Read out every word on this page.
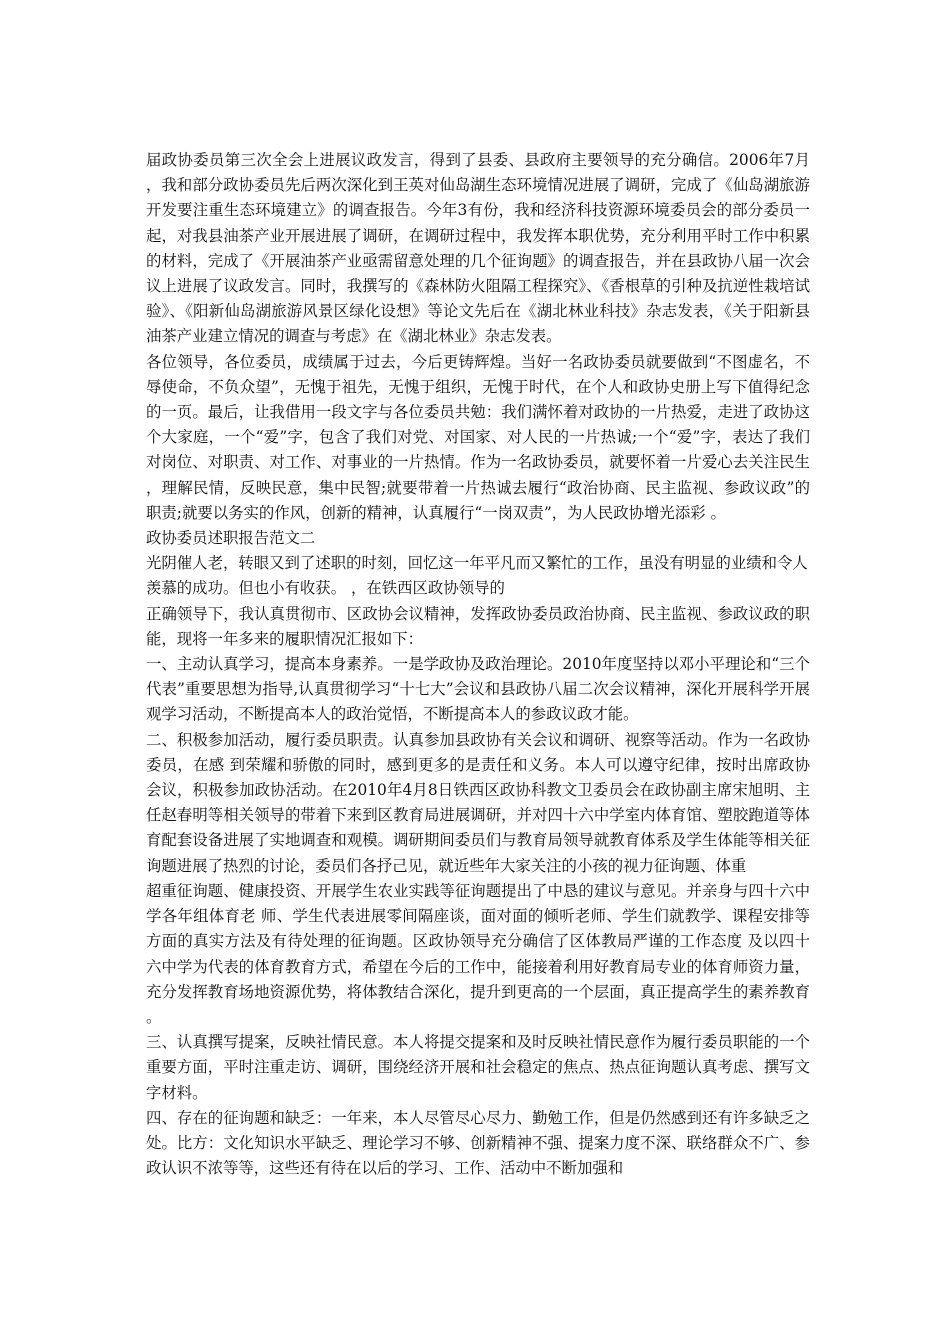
届政协委员第三次全会上进展议政发言，得到了县委、县政府主要领导的充分确信。2006年7月，我和部分政协委员先后两次深化到王英对仙岛湖生态环境情况进展了调研，完成了《仙岛湖旅游开发要注重生态环境建立》的调查报告。今年3有份，我和经济科技资源环境委员会的部分委员一起，对我县油茶产业开展进展了调研，在调研过程中，我发挥本职优势，充分利用平时工作中积累的材料，完成了《开展油茶产业亟需留意处理的几个征询题》的调查报告，并在县政协八届一次会议上进展了议政发言。同时，我撰写的《森林防火阻隔工程探究》、《香根草的引种及抗逆性栽培试验》、《阳新仙岛湖旅游风景区绿化设想》等论文先后在《湖北林业科技》杂志发表，《关于阳新县油茶产业建立情况的调查与考虑》在《湖北林业》杂志发表。

各位领导，各位委员，成绩属于过去，今后更铸辉煌。当好一名政协委员就要做到“不图虚名，不辱使命，不负众望”，无愧于祖先，无愧于组织，无愧于时代，在个人和政协史册上写下值得纪念的一页。最后，让我借用一段文字与各位委员共勉：我们满怀着对政协的一片热爱，走进了政协这个大家庭，一个“爱”字，包含了我们对党、对国家、对人民的一片热诚;一个“爱”字，表达了我们对岗位、对职责、对工作、对事业的一片热情。作为一名政协委员，就要怀着一片爱心去关注民生，理解民情，反映民意，集中民智;就要带着一片热诚去履行“政治协商、民主监视、参政议政”的职责;就要以务实的作风，创新的精神，认真履行“一岗双责”，为人民政协增光添彩 。

政协委员述职报告范文二

光阴催人老，转眼又到了述职的时刻，回忆这一年平凡而又繁忙的工作，虽没有明显的业绩和令人羡慕的成功。但也小有收获。 ，在铁西区政协领导的

正确领导下，我认真贯彻市、区政协会议精神，发挥政协委员政治协商、民主监视、参政议政的职能，现将一年多来的履职情况汇报如下：

一、主动认真学习，提高本身素养。一是学政协及政治理论。2010年度坚持以邓小平理论和“三个代表”重要思想为指导,认真贯彻学习“十七大”会议和县政协八届二次会议精神，深化开展科学开展观学习活动，不断提高本人的政治觉悟，不断提高本人的参政议政才能。

二、积极参加活动，履行委员职责。认真参加县政协有关会议和调研、视察等活动。作为一名政协委员，在感 到荣耀和骄傲的同时，感到更多的是责任和义务。本人可以遵守纪律，按时出席政协会议，积极参加政协活动。在2010年4月8日铁西区政协科教文卫委员会在政协副主席宋旭明、主任赵春明等相关领导的带着下来到区教育局进展调研，并对四十六中学室内体育馆、塑胶跑道等体育配套设备进展了实地调查和观模。调研期间委员们与教育局领导就教育体系及学生体能等相关征询题进展了热烈的讨论，委员们各抒己见，就近些年大家关注的小孩的视力征询题、体重

超重征询题、健康投资、开展学生农业实践等征询题提出了中恳的建议与意见。并亲身与四十六中学各年组体育老 师、学生代表进展零间隔座谈，面对面的倾听老师、学生们就教学、课程安排等方面的真实方法及有待处理的征询题。区政协领导充分确信了区体教局严谨的工作态度 及以四十六中学为代表的体育教育方式，希望在今后的工作中，能接着利用好教育局专业的体育师资力量，充分发挥教育场地资源优势，将体教结合深化，提升到更高的一个层面，真正提高学生的素养教育。

三、认真撰写提案，反映社情民意。本人将提交提案和及时反映社情民意作为履行委员职能的一个重要方面，平时注重走访、调研，围绕经济开展和社会稳定的焦点、热点征询题认真考虑、撰写文字材料。

四、存在的征询题和缺乏：一年来，本人尽管尽心尽力、勤勉工作，但是仍然感到还有许多缺乏之处。比方：文化知识水平缺乏、理论学习不够、创新精神不强、提案力度不深、联络群众不广、参政认识不浓等等，这些还有待在以后的学习、工作、活动中不断加强和
